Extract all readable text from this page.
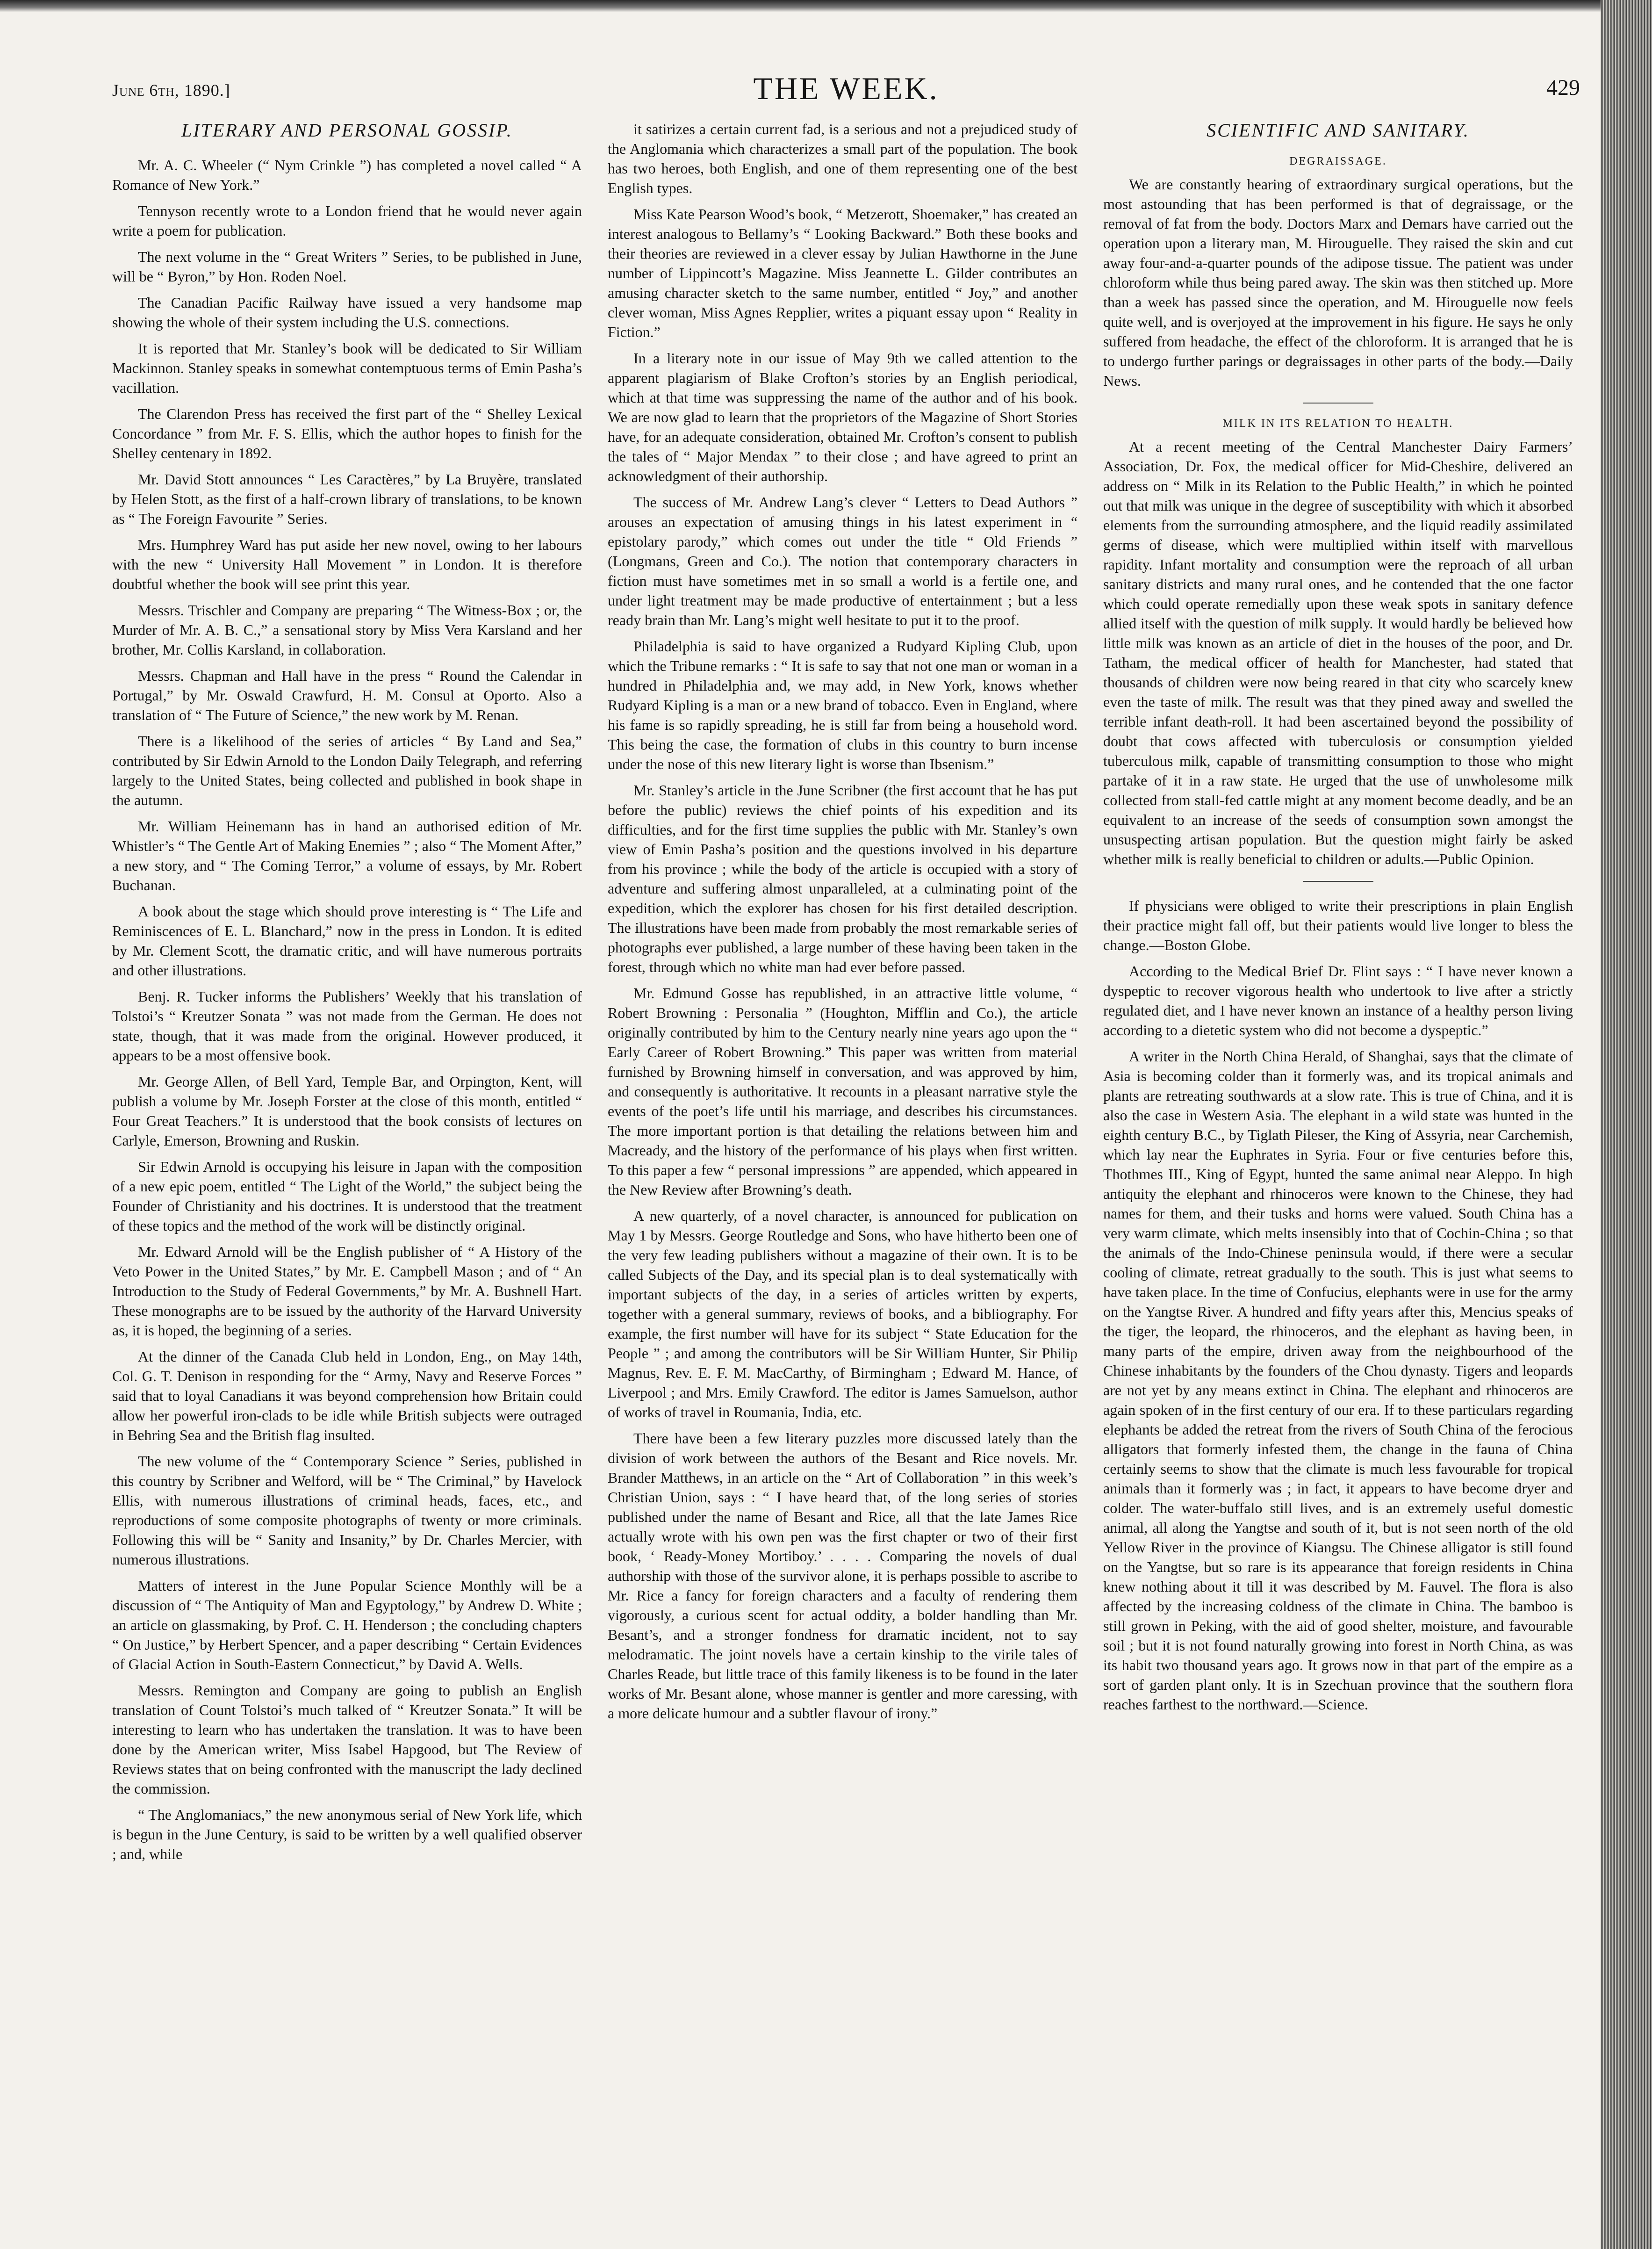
June 6th, 1890.]	THE WEEK.	429
LITERARY AND PERSONAL GOSSIP.

Mr. A. C. Wheeler (“ Nym Crinkle ”) has completed a novel called “ A Romance of New York.”

Tennyson recently wrote to a London friend that he would never again write a poem for publication.

The next volume in the “ Great Writers ” Series, to be published in June, will be “ Byron,” by Hon. Roden Noel.

The Canadian Pacific Railway have issued a very handsome map showing the whole of their system including the U.S. connections.

It is reported that Mr. Stanley’s book will be dedicated to Sir William Mackinnon. Stanley speaks in somewhat contemptuous terms of Emin Pasha’s vacillation.

The Clarendon Press has received the first part of the “ Shelley Lexical Concordance ” from Mr. F. S. Ellis, which the author hopes to finish for the Shelley centenary in 1892.

Mr. David Stott announces “ Les Caractères,” by La Bruyère, translated by Helen Stott, as the first of a half-crown library of translations, to be known as “ The Foreign Favourite ” Series.

Mrs. Humphrey Ward has put aside her new novel, owing to her labours with the new “ University Hall Movement ” in London. It is therefore doubtful whether the book will see print this year.

Messrs. Trischler and Company are preparing “ The Witness-Box ; or, the Murder of Mr. A. B. C.,” a sensational story by Miss Vera Karsland and her brother, Mr. Collis Karsland, in collaboration.

Messrs. Chapman and Hall have in the press “ Round the Calendar in Portugal,” by Mr. Oswald Crawfurd, H. M. Consul at Oporto. Also a translation of “ The Future of Science,” the new work by M. Renan.

There is a likelihood of the series of articles “ By Land and Sea,” contributed by Sir Edwin Arnold to the London Daily Telegraph, and referring largely to the United States, being collected and published in book shape in the autumn.

Mr. William Heinemann has in hand an authorised edition of Mr. Whistler’s “ The Gentle Art of Making Enemies ” ; also “ The Moment After,” a new story, and “ The Coming Terror,” a volume of essays, by Mr. Robert Buchanan.

A book about the stage which should prove interesting is “ The Life and Reminiscences of E. L. Blanchard,” now in the press in London. It is edited by Mr. Clement Scott, the dramatic critic, and will have numerous portraits and other illustrations.

Benj. R. Tucker informs the Publishers’ Weekly that his translation of Tolstoi’s “ Kreutzer Sonata ” was not made from the German. He does not state, though, that it was made from the original. However produced, it appears to be a most offensive book.

Mr. George Allen, of Bell Yard, Temple Bar, and Orpington, Kent, will publish a volume by Mr. Joseph Forster at the close of this month, entitled “ Four Great Teachers.” It is understood that the book consists of lectures on Carlyle, Emerson, Browning and Ruskin.

Sir Edwin Arnold is occupying his leisure in Japan with the composition of a new epic poem, entitled “ The Light of the World,” the subject being the Founder of Christianity and his doctrines. It is understood that the treatment of these topics and the method of the work will be distinctly original.

Mr. Edward Arnold will be the English publisher of “ A History of the Veto Power in the United States,” by Mr. E. Campbell Mason ; and of “ An Introduction to the Study of Federal Governments,” by Mr. A. Bushnell Hart. These monographs are to be issued by the authority of the Harvard University as, it is hoped, the beginning of a series.

At the dinner of the Canada Club held in London, Eng., on May 14th, Col. G. T. Denison in responding for the “ Army, Navy and Reserve Forces ” said that to loyal Canadians it was beyond comprehension how Britain could allow her powerful iron-clads to be idle while British subjects were outraged in Behring Sea and the British flag insulted.

The new volume of the “ Contemporary Science ” Series, published in this country by Scribner and Welford, will be “ The Criminal,” by Havelock Ellis, with numerous illustrations of criminal heads, faces, etc., and reproductions of some composite photographs of twenty or more criminals. Following this will be “ Sanity and Insanity,” by Dr. Charles Mercier, with numerous illustrations.

Matters of interest in the June Popular Science Monthly will be a discussion of “ The Antiquity of Man and Egyptology,” by Andrew D. White ; an article on glassmaking, by Prof. C. H. Henderson ; the concluding chapters “ On Justice,” by Herbert Spencer, and a paper describing “ Certain Evidences of Glacial Action in South-Eastern Connecticut,” by David A. Wells.

Messrs. Remington and Company are going to publish an English translation of Count Tolstoi’s much talked of “ Kreutzer Sonata.” It will be interesting to learn who has undertaken the translation. It was to have been done by the American writer, Miss Isabel Hapgood, but The Review of Reviews states that on being confronted with the manuscript the lady declined the commission.

“ The Anglomaniacs,” the new anonymous serial of New York life, which is begun in the June Century, is said to be written by a well qualified observer ; and, while

it satirizes a certain current fad, is a serious and not a prejudiced study of the Anglomania which characterizes a small part of the population. The book has two heroes, both English, and one of them representing one of the best English types.

Miss Kate Pearson Wood’s book, “ Metzerott, Shoemaker,” has created an interest analogous to Bellamy’s “ Looking Backward.” Both these books and their theories are reviewed in a clever essay by Julian Hawthorne in the June number of Lippincott’s Magazine. Miss Jeannette L. Gilder contributes an amusing character sketch to the same number, entitled “ Joy,” and another clever woman, Miss Agnes Repplier, writes a piquant essay upon “ Reality in Fiction.”

In a literary note in our issue of May 9th we called attention to the apparent plagiarism of Blake Crofton’s stories by an English periodical, which at that time was suppressing the name of the author and of his book. We are now glad to learn that the proprietors of the Magazine of Short Stories have, for an adequate consideration, obtained Mr. Crofton’s consent to publish the tales of “ Major Mendax ” to their close ; and have agreed to print an acknowledgment of their authorship.

The success of Mr. Andrew Lang’s clever “ Letters to Dead Authors ” arouses an expectation of amusing things in his latest experiment in “ epistolary parody,” which comes out under the title “ Old Friends ” (Longmans, Green and Co.). The notion that contemporary characters in fiction must have sometimes met in so small a world is a fertile one, and under light treatment may be made productive of entertainment ; but a less ready brain than Mr. Lang’s might well hesitate to put it to the proof.

Philadelphia is said to have organized a Rudyard Kipling Club, upon which the Tribune remarks : “ It is safe to say that not one man or woman in a hundred in Philadelphia and, we may add, in New York, knows whether Rudyard Kipling is a man or a new brand of tobacco. Even in England, where his fame is so rapidly spreading, he is still far from being a household word. This being the case, the formation of clubs in this country to burn incense under the nose of this new literary light is worse than Ibsenism.”

Mr. Stanley’s article in the June Scribner (the first account that he has put before the public) reviews the chief points of his expedition and its difficulties, and for the first time supplies the public with Mr. Stanley’s own view of Emin Pasha’s position and the questions involved in his departure from his province ; while the body of the article is occupied with a story of adventure and suffering almost unparalleled, at a culminating point of the expedition, which the explorer has chosen for his first detailed description. The illustrations have been made from probably the most remarkable series of photographs ever published, a large number of these having been taken in the forest, through which no white man had ever before passed.

Mr. Edmund Gosse has republished, in an attractive little volume, “ Robert Browning : Personalia ” (Houghton, Mifflin and Co.), the article originally contributed by him to the Century nearly nine years ago upon the “ Early Career of Robert Browning.” This paper was written from material furnished by Browning himself in conversation, and was approved by him, and consequently is authoritative. It recounts in a pleasant narrative style the events of the poet’s life until his marriage, and describes his circumstances. The more important portion is that detailing the relations between him and Macready, and the history of the performance of his plays when first written. To this paper a few “ personal impressions ” are appended, which appeared in the New Review after Browning’s death.

A new quarterly, of a novel character, is announced for publication on May 1 by Messrs. George Routledge and Sons, who have hitherto been one of the very few leading publishers without a magazine of their own. It is to be called Subjects of the Day, and its special plan is to deal systematically with important subjects of the day, in a series of articles written by experts, together with a general summary, reviews of books, and a bibliography. For example, the first number will have for its subject “ State Education for the People ” ; and among the contributors will be Sir William Hunter, Sir Philip Magnus, Rev. E. F. M. MacCarthy, of Birmingham ; Edward M. Hance, of Liverpool ; and Mrs. Emily Crawford. The editor is James Samuelson, author of works of travel in Roumania, India, etc.

There have been a few literary puzzles more discussed lately than the division of work between the authors of the Besant and Rice novels. Mr. Brander Matthews, in an article on the “ Art of Collaboration ” in this week’s Christian Union, says : “ I have heard that, of the long series of stories published under the name of Besant and Rice, all that the late James Rice actually wrote with his own pen was the first chapter or two of their first book, ‘ Ready-Money Mortiboy.’ . . . . Comparing the novels of dual authorship with those of the survivor alone, it is perhaps possible to ascribe to Mr. Rice a fancy for foreign characters and a faculty of rendering them vigorously, a curious scent for actual oddity, a bolder handling than Mr. Besant’s, and a stronger fondness for dramatic incident, not to say melodramatic. The joint novels have a certain kinship to the virile tales of Charles Reade, but little trace of this family likeness is to be found in the later works of Mr. Besant alone, whose manner is gentler and more caressing, with a more delicate humour and a subtler flavour of irony.”

SCIENTIFIC AND SANITARY.
DEGRAISSAGE.

We are constantly hearing of extraordinary surgical operations, but the most astounding that has been performed is that of degraissage, or the removal of fat from the body. Doctors Marx and Demars have carried out the operation upon a literary man, M. Hirouguelle. They raised the skin and cut away four-and-a-quarter pounds of the adipose tissue. The patient was under chloroform while thus being pared away. The skin was then stitched up. More than a week has passed since the operation, and M. Hirouguelle now feels quite well, and is overjoyed at the improvement in his figure. He says he only suffered from headache, the effect of the chloroform. It is arranged that he is to undergo further parings or degraissages in other parts of the body.—Daily News.

MILK IN ITS RELATION TO HEALTH.

At a recent meeting of the Central Manchester Dairy Farmers’ Association, Dr. Fox, the medical officer for Mid-Cheshire, delivered an address on “ Milk in its Relation to the Public Health,” in which he pointed out that milk was unique in the degree of susceptibility with which it absorbed elements from the surrounding atmosphere, and the liquid readily assimilated germs of disease, which were multiplied within itself with marvellous rapidity. Infant mortality and consumption were the reproach of all urban sanitary districts and many rural ones, and he contended that the one factor which could operate remedially upon these weak spots in sanitary defence allied itself with the question of milk supply. It would hardly be believed how little milk was known as an article of diet in the houses of the poor, and Dr. Tatham, the medical officer of health for Manchester, had stated that thousands of children were now being reared in that city who scarcely knew even the taste of milk. The result was that they pined away and swelled the terrible infant death-roll. It had been ascertained beyond the possibility of doubt that cows affected with tuberculosis or consumption yielded tuberculous milk, capable of transmitting consumption to those who might partake of it in a raw state. He urged that the use of unwholesome milk collected from stall-fed cattle might at any moment become deadly, and be an equivalent to an increase of the seeds of consumption sown amongst the unsuspecting artisan population. But the question might fairly be asked whether milk is really beneficial to children or adults.—Public Opinion.

If physicians were obliged to write their prescriptions in plain English their practice might fall off, but their patients would live longer to bless the change.—Boston Globe.

According to the Medical Brief Dr. Flint says : “ I have never known a dyspeptic to recover vigorous health who undertook to live after a strictly regulated diet, and I have never known an instance of a healthy person living according to a dietetic system who did not become a dyspeptic.”

A writer in the North China Herald, of Shanghai, says that the climate of Asia is becoming colder than it formerly was, and its tropical animals and plants are retreating southwards at a slow rate. This is true of China, and it is also the case in Western Asia. The elephant in a wild state was hunted in the eighth century B.C., by Tiglath Pileser, the King of Assyria, near Carchemish, which lay near the Euphrates in Syria. Four or five centuries before this, Thothmes III., King of Egypt, hunted the same animal near Aleppo. In high antiquity the elephant and rhinoceros were known to the Chinese, they had names for them, and their tusks and horns were valued. South China has a very warm climate, which melts insensibly into that of Cochin-China ; so that the animals of the Indo-Chinese peninsula would, if there were a secular cooling of climate, retreat gradually to the south. This is just what seems to have taken place. In the time of Confucius, elephants were in use for the army on the Yangtse River. A hundred and fifty years after this, Mencius speaks of the tiger, the leopard, the rhinoceros, and the elephant as having been, in many parts of the empire, driven away from the neighbourhood of the Chinese inhabitants by the founders of the Chou dynasty. Tigers and leopards are not yet by any means extinct in China. The elephant and rhinoceros are again spoken of in the first century of our era. If to these particulars regarding elephants be added the retreat from the rivers of South China of the ferocious alligators that formerly infested them, the change in the fauna of China certainly seems to show that the climate is much less favourable for tropical animals than it formerly was ; in fact, it appears to have become dryer and colder. The water-buffalo still lives, and is an extremely useful domestic animal, all along the Yangtse and south of it, but is not seen north of the old Yellow River in the province of Kiangsu. The Chinese alligator is still found on the Yangtse, but so rare is its appearance that foreign residents in China knew nothing about it till it was described by M. Fauvel. The flora is also affected by the increasing coldness of the climate in China. The bamboo is still grown in Peking, with the aid of good shelter, moisture, and favourable soil ; but it is not found naturally growing into forest in North China, as was its habit two thousand years ago. It grows now in that part of the empire as a sort of garden plant only. It is in Szechuan province that the southern flora reaches farthest to the northward.—Science.
